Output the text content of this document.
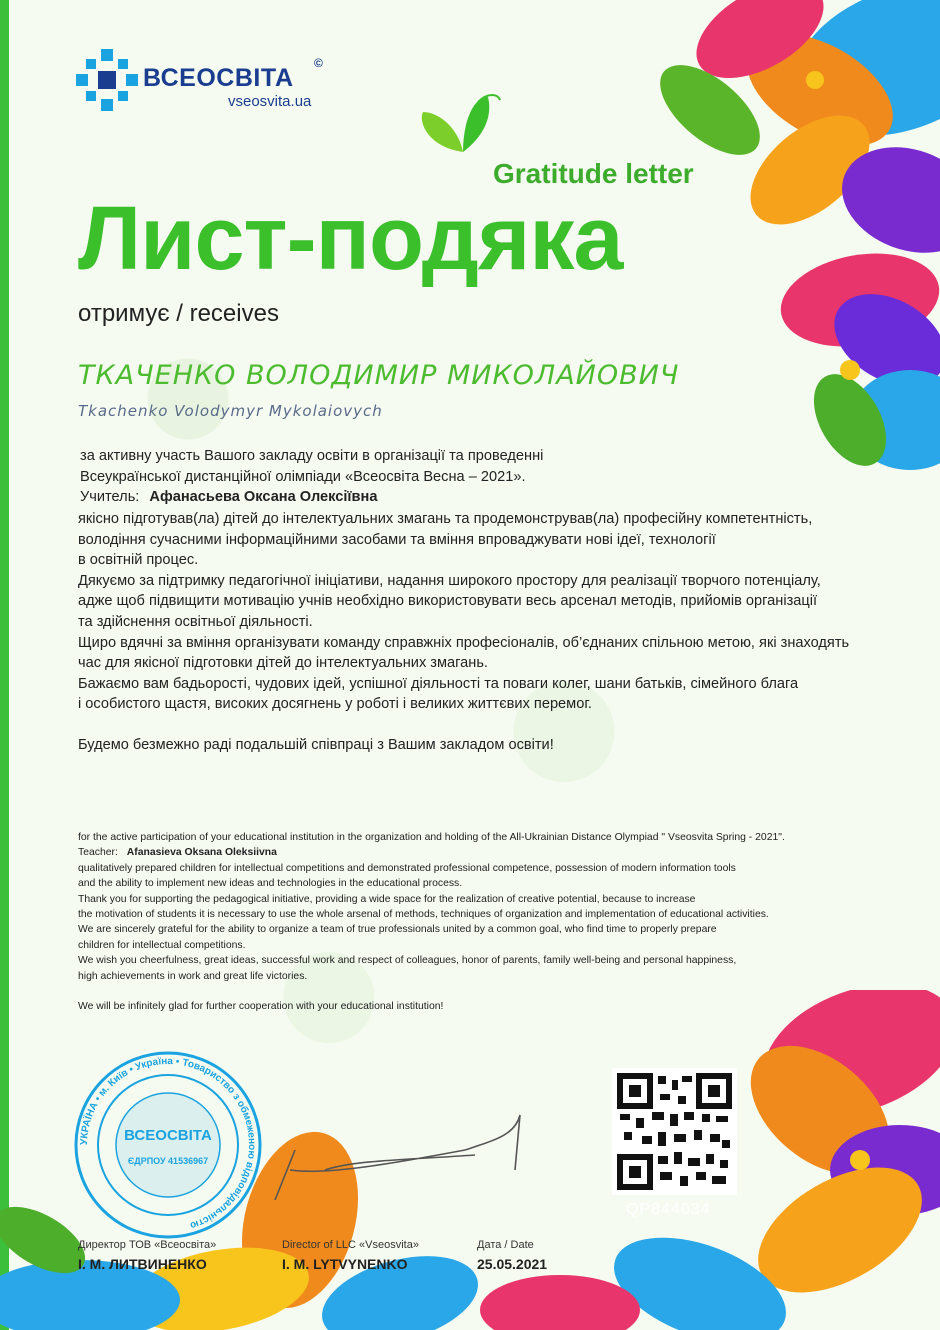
ВСЕОСВІТА
©
vseosvita.ua
Gratitude letter
Лист-подяка
отримує / receives
ТКАЧЕНКО ВОЛОДИМИР МИКОЛАЙОВИЧ
Tkachenko Volodymyr Mykolaiovych
за активну участь Вашого закладу освіти в організації та проведенні
Всеукраїнської дистанційної олімпіади «Всеосвіта Весна – 2021».
Учитель: Афанасьева Оксана Олексіївна
якісно підготував(ла) дітей до інтелектуальних змагань та продемонстрував(ла) професійну компетентність,
володіння сучасними інформаційними засобами та вміння впроваджувати нові ідеї, технології
в освітній процес.
Дякуємо за підтримку педагогічної ініціативи, надання широкого простору для реалізації творчого потенціалу,
адже щоб підвищити мотивацію учнів необхідно використовувати весь арсенал методів, прийомів організації
та здійснення освітньої діяльності.
Щиро вдячні за вміння організувати команду справжніх професіоналів, об’єднаних спільною метою, які знаходять
час для якісної підготовки дітей до інтелектуальних змагань.
Бажаємо вам бадьорості, чудових ідей, успішної діяльності та поваги колег, шани батьків, сімейного блага
і особистого щастя, високих досягнень у роботі і великих життєвих перемог.
Будемо безмежно раді подальшій співпраці з Вашим закладом освіти!
for the active participation of your educational institution in the organization and holding of the All-Ukrainian Distance Olympiad " Vseosvita Spring - 2021".
Teacher: Afanasieva Oksana Oleksiivna
qualitatively prepared children for intellectual competitions and demonstrated professional competence, possession of modern information tools
and the ability to implement new ideas and technologies in the educational process.
Thank you for supporting the pedagogical initiative, providing a wide space for the realization of creative potential, because to increase
the motivation of students it is necessary to use the whole arsenal of methods, techniques of organization and implementation of educational activities.
We are sincerely grateful for the ability to organize a team of true professionals united by a common goal, who find time to properly prepare
children for intellectual competitions.
We wish you cheerfulness, great ideas, successful work and respect of colleagues, honor of parents, family well-being and personal happiness,
high achievements in work and great life victories.
We will be infinitely glad for further cooperation with your educational institution!
ВСЕОСВІТА
ЄДРПОУ 41536967
УКРАЇНА • м. Київ • Україна • Товариство з обмеженою відповідальністю
QP844034
Директор ТОВ «Всеосвіта»
І. М. ЛИТВИНЕНКО
Director of LLC «Vseosvita»
I. M. LYTVYNENKO
Дата / Date
25.05.2021
